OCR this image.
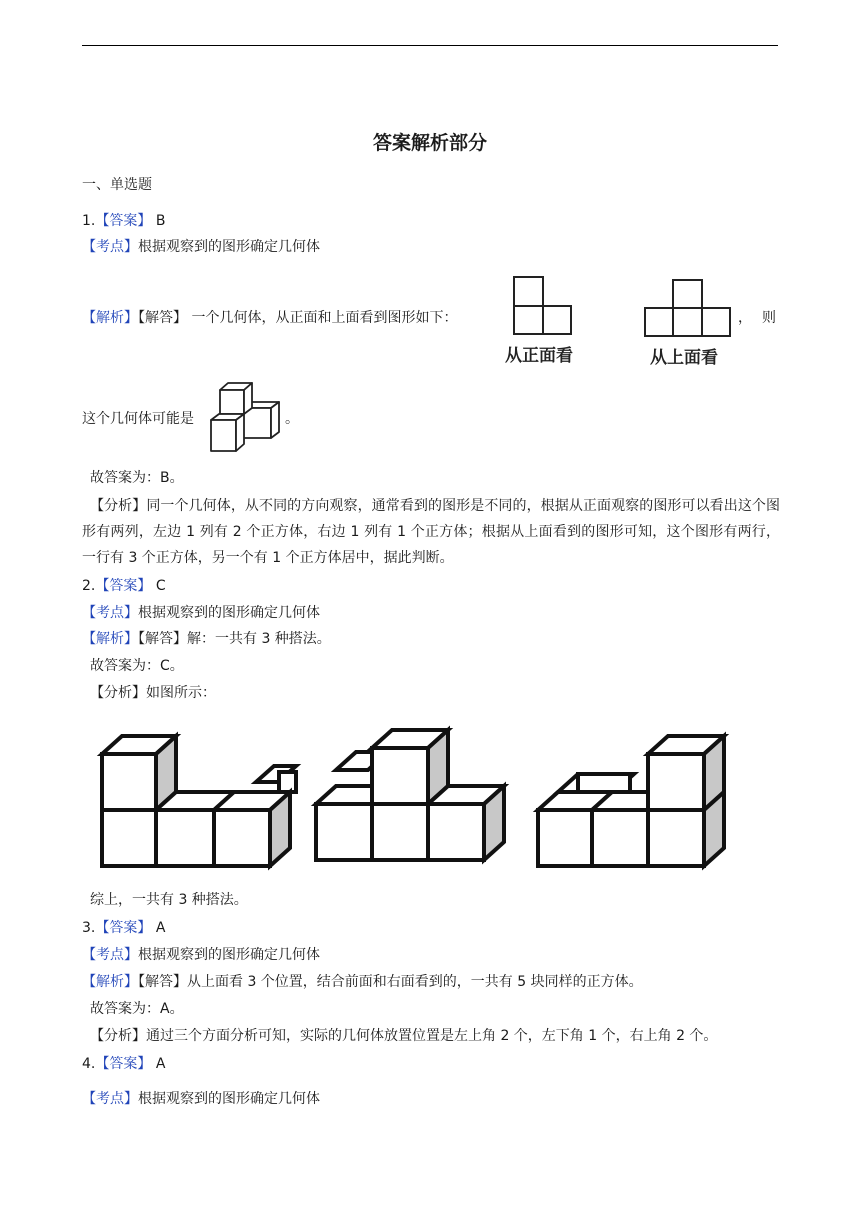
答案解析部分
一、单选题
1.【答案】 B
【考点】根据观察到的图形确定几何体
【解析】【解答】 一个几何体，从正面和上面看到图形如下：
从正面看	从上面看
， 则
这个几何体可能是	。
故答案为：B。
【分析】同一个几何体，从不同的方向观察，通常看到的图形是不同的，根据从正面观察的图形可以看出这个图形有两列，左边 1 列有 2 个正方体，右边 1 列有 1 个正方体；根据从上面看到的图形可知，这个图形有两行，一行有 3 个正方体，另一个有 1 个正方体居中，据此判断。
2.【答案】 C
【考点】根据观察到的图形确定几何体
【解析】【解答】解：一共有 3 种搭法。
故答案为：C。
【分析】如图所示：
综上，一共有 3 种搭法。
3.【答案】 A
【考点】根据观察到的图形确定几何体
【解析】【解答】从上面看 3 个位置，结合前面和右面看到的，一共有 5 块同样的正方体。
故答案为：A。
【分析】通过三个方面分析可知，实际的几何体放置位置是左上角 2 个，左下角 1 个，右上角 2 个。
4.【答案】 A
【考点】根据观察到的图形确定几何体
